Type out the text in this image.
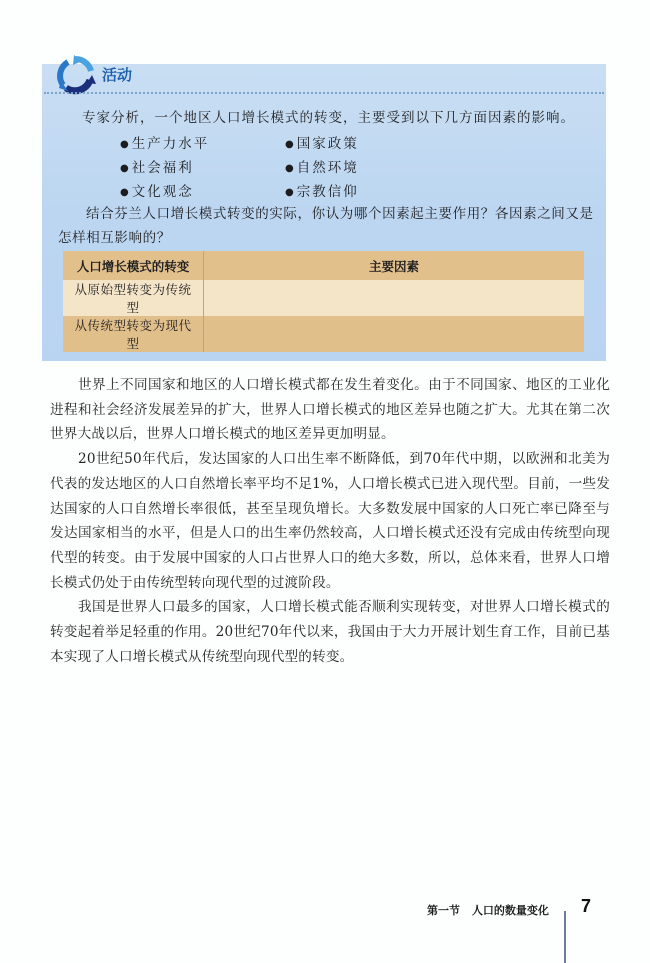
活动
专家分析，一个地区人口增长模式的转变，主要受到以下几方面因素的影响。
● 生产力水平	● 国家政策
● 社会福利	● 自然环境
● 文化观念	● 宗教信仰
结合芬兰人口增长模式转变的实际，你认为哪个因素起主要作用？各因素之间又是怎样相互影响的？
人口增长模式的转变	主要因素
从原始型转变为传统型	
从传统型转变为现代型	

世界上不同国家和地区的人口增长模式都在发生着变化。由于不同国家、地区的工业化进程和社会经济发展差异的扩大，世界人口增长模式的地区差异也随之扩大。尤其在第二次世界大战以后，世界人口增长模式的地区差异更加明显。

20世纪50年代后，发达国家的人口出生率不断降低，到70年代中期，以欧洲和北美为代表的发达地区的人口自然增长率平均不足1%，人口增长模式已进入现代型。目前，一些发达国家的人口自然增长率很低，甚至呈现负增长。大多数发展中国家的人口死亡率已降至与发达国家相当的水平，但是人口的出生率仍然较高，人口增长模式还没有完成由传统型向现代型的转变。由于发展中国家的人口占世界人口的绝大多数，所以，总体来看，世界人口增长模式仍处于由传统型转向现代型的过渡阶段。

我国是世界人口最多的国家，人口增长模式能否顺利实现转变，对世界人口增长模式的转变起着举足轻重的作用。20世纪70年代以来，我国由于大力开展计划生育工作，目前已基本实现了人口增长模式从传统型向现代型的转变。

第一节 人口的数量变化 7
